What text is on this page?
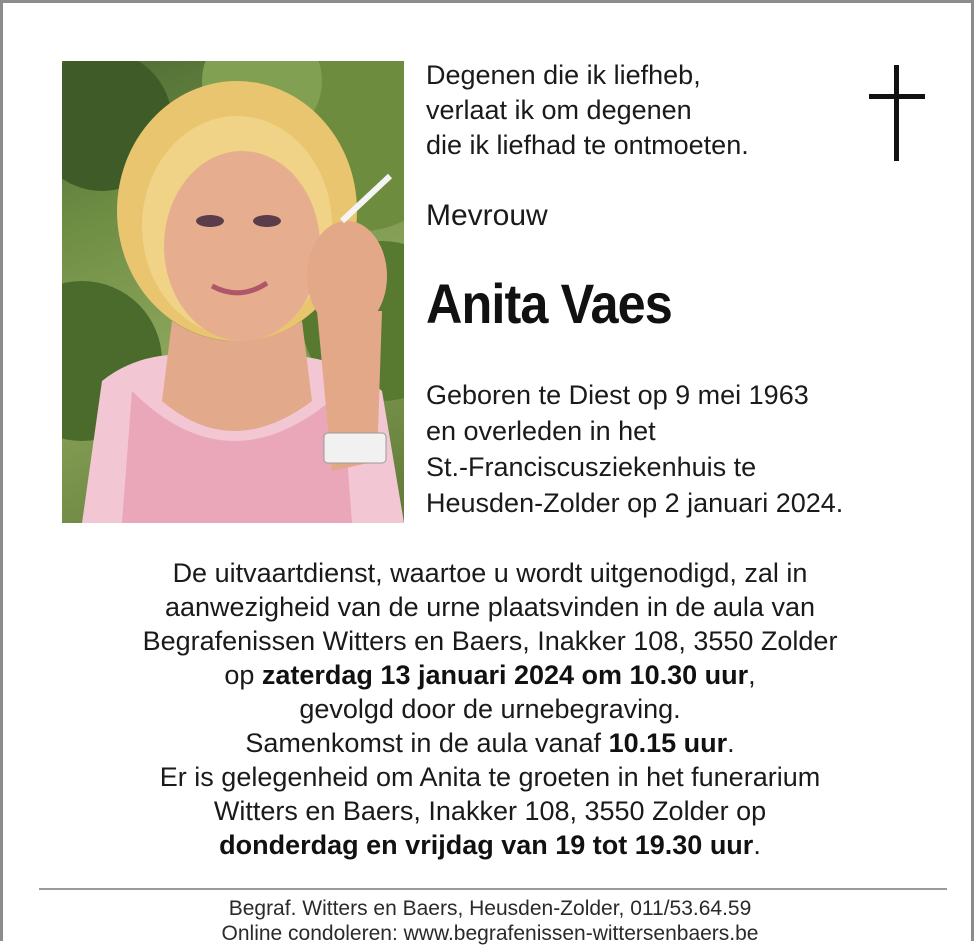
Degenen die ik liefheb,
verlaat ik om degenen
die ik liefhad te ontmoeten.
Mevrouw
Anita Vaes
Geboren te Diest op 9 mei 1963
en overleden in het
St.-Franciscusziekenhuis te
Heusden-Zolder op 2 januari 2024.
De uitvaartdienst, waartoe u wordt uitgenodigd, zal in
aanwezigheid van de urne plaatsvinden in de aula van
Begrafenissen Witters en Baers, Inakker 108, 3550 Zolder
op zaterdag 13 januari 2024 om 10.30 uur,
gevolgd door de urnebegraving.
Samenkomst in de aula vanaf 10.15 uur.
Er is gelegenheid om Anita te groeten in het funerarium
Witters en Baers, Inakker 108, 3550 Zolder op
donderdag en vrijdag van 19 tot 19.30 uur.
Begraf. Witters en Baers, Heusden-Zolder, 011/53.64.59
Online condoleren: www.begrafenissen-wittersenbaers.be
